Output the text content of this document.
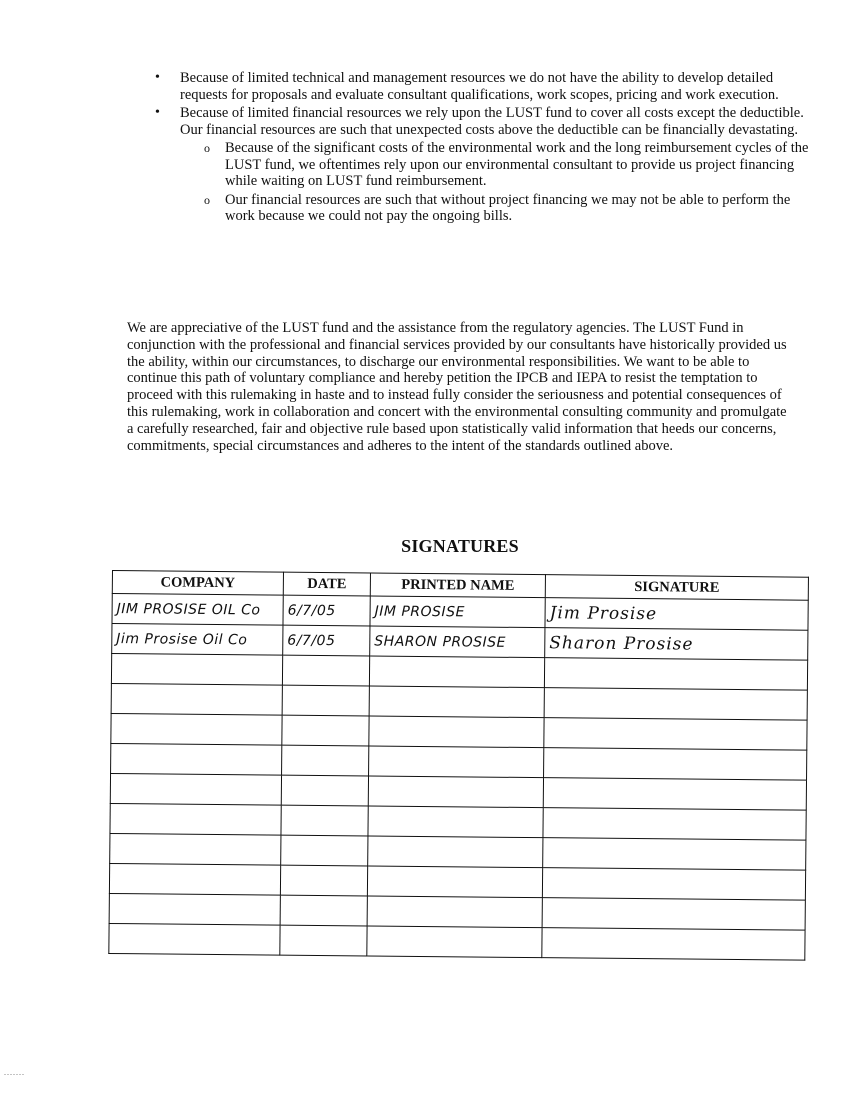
• Because of limited technical and management resources we do not have the ability to develop detailed requests for proposals and evaluate consultant qualifications, work scopes, pricing and work execution.
• Because of limited financial resources we rely upon the LUST fund to cover all costs except the deductible. Our financial resources are such that unexpected costs above the deductible can be financially devastating.
o Because of the significant costs of the environmental work and the long reimbursement cycles of the LUST fund, we oftentimes rely upon our environmental consultant to provide us project financing while waiting on LUST fund reimbursement.
o Our financial resources are such that without project financing we may not be able to perform the work because we could not pay the ongoing bills.
We are appreciative of the LUST fund and the assistance from the regulatory agencies. The LUST Fund in conjunction with the professional and financial services provided by our consultants have historically provided us the ability, within our circumstances, to discharge our environmental responsibilities. We want to be able to continue this path of voluntary compliance and hereby petition the IPCB and IEPA to resist the temptation to proceed with this rulemaking in haste and to instead fully consider the seriousness and potential consequences of this rulemaking, work in collaboration and concert with the environmental consulting community and promulgate a carefully researched, fair and objective rule based upon statistically valid information that heeds our concerns, commitments, special circumstances and adheres to the intent of the standards outlined above.
SIGNATURES
COMPANY	DATE	PRINTED NAME	SIGNATURE

JIM PROSISE OIL Co	6/7/05	JIM PROSISE	Jim Prosise

Jim Prosise Oil Co	6/7/05	SHARON PROSISE	Sharon Prosise

.......
